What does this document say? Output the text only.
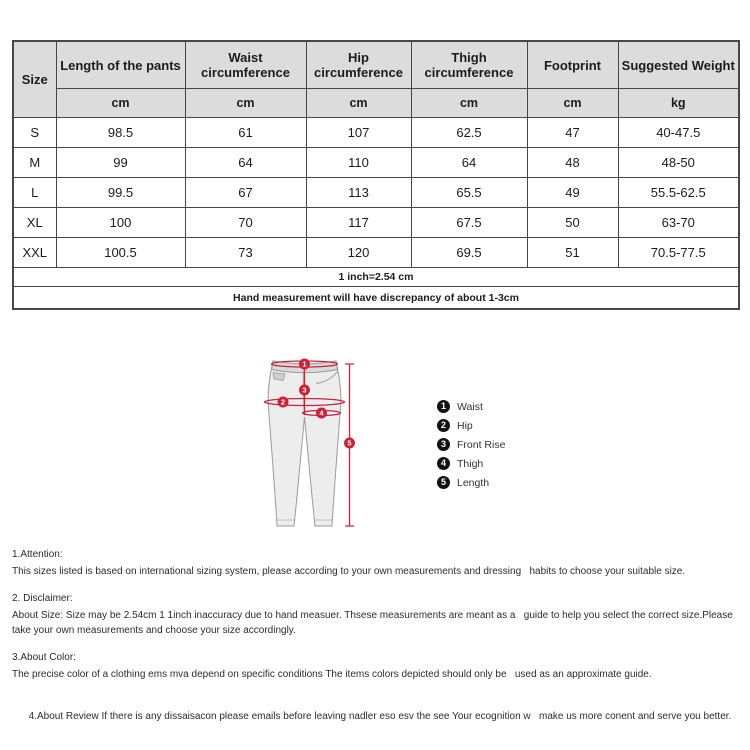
Size	Length of the pants	Waist circumference	Hip circumference	Thigh circumference	Footprint	Suggested Weight
	cm	cm	cm	cm	cm	kg
S	98.5	61	107	62.5	47	40-47.5
M	99	64	110	64	48	48-50
L	99.5	67	113	65.5	49	55.5-62.5
XL	100	70	117	67.5	50	63-70
XXL	100.5	73	120	69.5	51	70.5-77.5
1 inch=2.54 cm						
Hand measurement will have discrepancy of about 1-3cm						
1
2
3
4
5
1	Waist
2	Hip
3	Front Rise
4	Thigh
5	Length
1.Attention:
This sizes listed is based on international sizing system, please according to your own measurements and dressing   habits to choose your suitable size.
2. Disclaimer:
About Size: Size may be 2.54cm 1 1inch inaccuracy due to hand measuer. Thsese measurements are meant as a   guide to help you select the correct size.Please take your own measurements and choose your size accordingly.
3.About Color:
The precise color of a clothing ems mva depend on specific conditions The items colors depicted should only be   used as an approximate guide.

4.About Review If there is any dissaisacon please emails before leaving nadler eso esv the see Your ecognition w   make us more conent and serve you better.
